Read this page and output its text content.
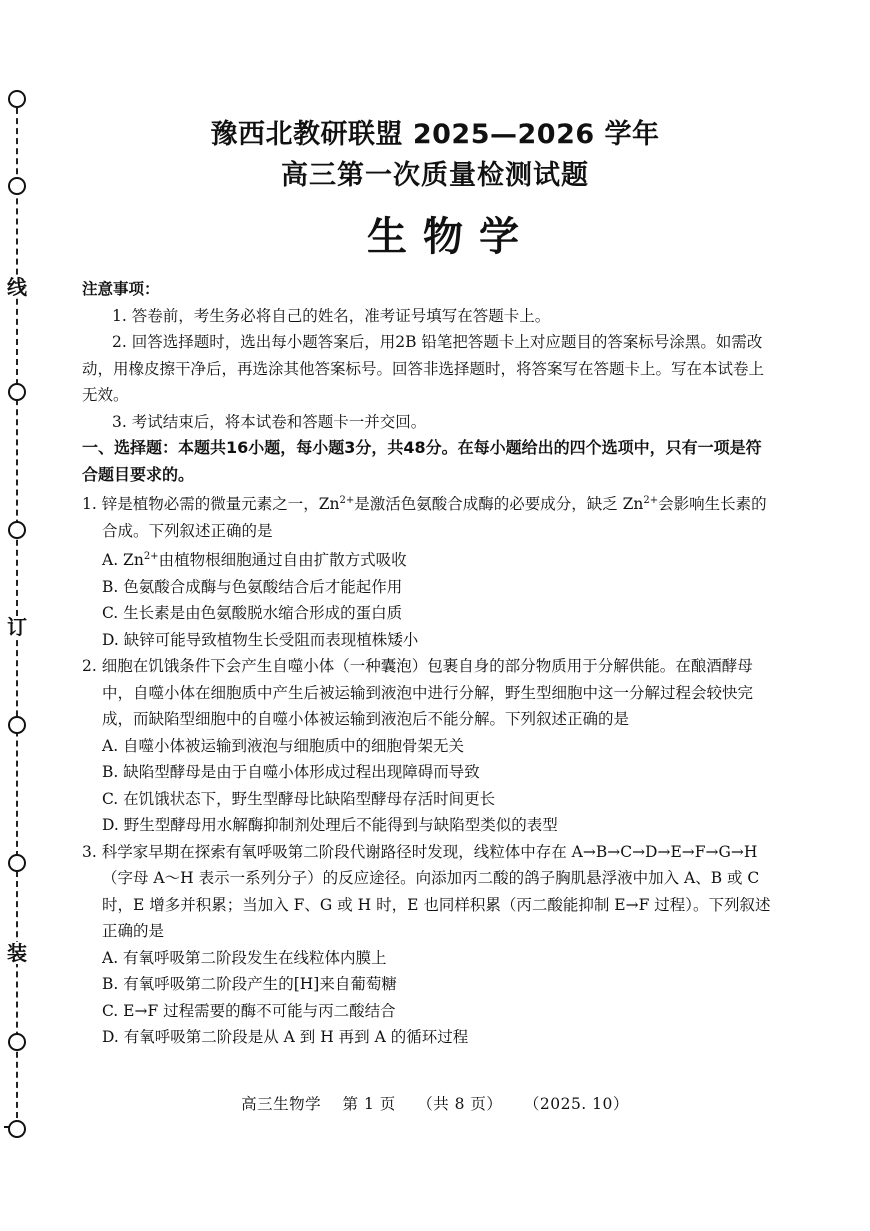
线
订
装
豫西北教研联盟 2025—2026 学年
高三第一次质量检测试题
生物学

注意事项：

1. 答卷前，考生务必将自己的姓名，准考证号填写在答题卡上。

2. 回答选择题时，选出每小题答案后，用2B 铅笔把答题卡上对应题目的答案标号涂黑。如需改动，用橡皮擦干净后，再选涂其他答案标号。回答非选择题时，将答案写在答题卡上。写在本试卷上无效。

3. 考试结束后，将本试卷和答题卡一并交回。

一、选择题：本题共16小题，每小题3分，共48分。在每小题给出的四个选项中，只有一项是符合题目要求的。

1. 锌是植物必需的微量元素之一，$Zn^{2+}$是激活色氨酸合成酶的必要成分，缺乏 $Zn^{2+}$会影响生长素的合成。下列叙述正确的是

A. $Zn^{2+}$由植物根细胞通过自由扩散方式吸收

B. 色氨酸合成酶与色氨酸结合后才能起作用

C. 生长素是由色氨酸脱水缩合形成的蛋白质

D. 缺锌可能导致植物生长受阻而表现植株矮小

2. 细胞在饥饿条件下会产生自噬小体（一种囊泡）包裹自身的部分物质用于分解供能。在酿酒酵母中，自噬小体在细胞质中产生后被运输到液泡中进行分解，野生型细胞中这一分解过程会较快完成，而缺陷型细胞中的自噬小体被运输到液泡后不能分解。下列叙述正确的是

A. 自噬小体被运输到液泡与细胞质中的细胞骨架无关

B. 缺陷型酵母是由于自噬小体形成过程出现障碍而导致

C. 在饥饿状态下，野生型酵母比缺陷型酵母存活时间更长

D. 野生型酵母用水解酶抑制剂处理后不能得到与缺陷型类似的表型

3. 科学家早期在探索有氧呼吸第二阶段代谢路径时发现，线粒体中存在 A→B→C→D→E→F→G→H（字母 A～H 表示一系列分子）的反应途径。向添加丙二酸的鸽子胸肌悬浮液中加入 A、B 或 C 时，E 增多并积累；当加入 F、G 或 H 时，E 也同样积累（丙二酸能抑制 E→F 过程）。下列叙述正确的是

A. 有氧呼吸第二阶段发生在线粒体内膜上

B. 有氧呼吸第二阶段产生的[H]来自葡萄糖

C. E→F 过程需要的酶不可能与丙二酸结合

D. 有氧呼吸第二阶段是从 A 到 H 再到 A 的循环过程

高三生物学 第 1 页 （共 8 页） （2025. 10）
